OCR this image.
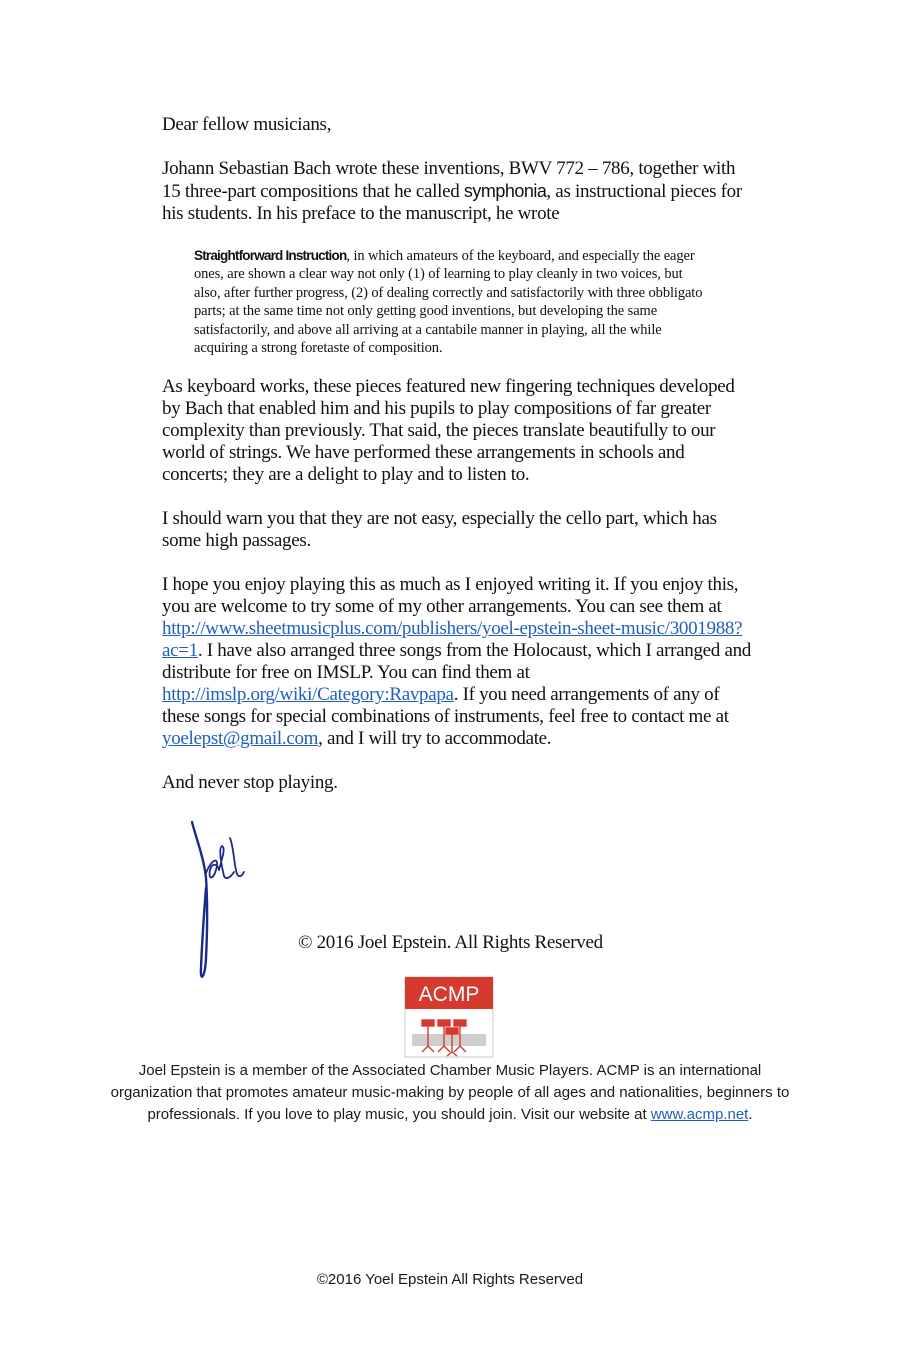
Dear fellow musicians,

Johann Sebastian Bach wrote these inventions, BWV 772 – 786, together with 15 three-part compositions that he called symphonia, as instructional pieces for his students. In his preface to the manuscript, he wrote

Straightforward Instruction, in which amateurs of the keyboard, and especially the eager ones, are shown a clear way not only (1) of learning to play cleanly in two voices, but also, after further progress, (2) of dealing correctly and satisfactorily with three obbligato parts; at the same time not only getting good inventions, but developing the same satisfactorily, and above all arriving at a cantabile manner in playing, all the while acquiring a strong foretaste of composition.

As keyboard works, these pieces featured new fingering techniques developed by Bach that enabled him and his pupils to play compositions of far greater complexity than previously. That said, the pieces translate beautifully to our world of strings. We have performed these arrangements in schools and concerts; they are a delight to play and to listen to.

I should warn you that they are not easy, especially the cello part, which has some high passages.

I hope you enjoy playing this as much as I enjoyed writing it. If you enjoy this, you are welcome to try some of my other arrangements. You can see them at http://www.sheetmusicplus.com/publishers/yoel-epstein-sheet-music/3001988?ac=1. I have also arranged three songs from the Holocaust, which I arranged and distribute for free on IMSLP. You can find them at http://imslp.org/wiki/Category:Ravpapa. If you need arrangements of any of these songs for special combinations of instruments, feel free to contact me at yoelepst@gmail.com, and I will try to accommodate.

And never stop playing.

© 2016 Joel Epstein. All Rights Reserved
ACMP
Joel Epstein is a member of the Associated Chamber Music Players. ACMP is an international organization that promotes amateur music-making by people of all ages and nationalities, beginners to professionals. If you love to play music, you should join. Visit our website at www.acmp.net.
©2016 Yoel Epstein All Rights Reserved
